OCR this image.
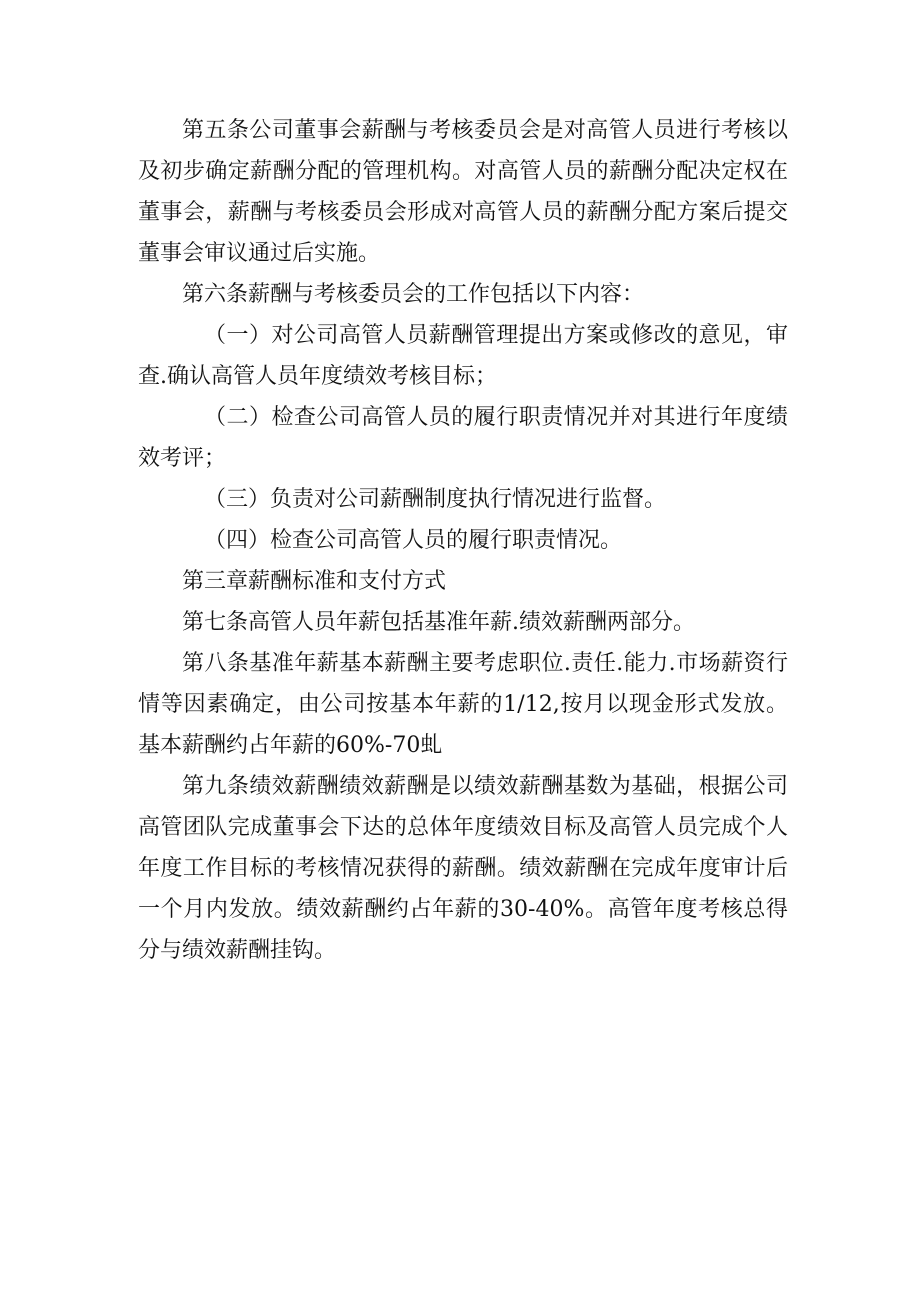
第五条公司董事会薪酬与考核委员会是对高管人员进行考核以及初步确定薪酬分配的管理机构。对高管人员的薪酬分配决定权在董事会，薪酬与考核委员会形成对高管人员的薪酬分配方案后提交董事会审议通过后实施。

第六条薪酬与考核委员会的工作包括以下内容：

（一）对公司高管人员薪酬管理提出方案或修改的意见，审查.确认高管人员年度绩效考核目标；

（二）检查公司高管人员的履行职责情况并对其进行年度绩效考评；

（三）负责对公司薪酬制度执行情况进行监督。

（四）检查公司高管人员的履行职责情况。

第三章薪酬标准和支付方式

第七条高管人员年薪包括基准年薪.绩效薪酬两部分。

第八条基准年薪基本薪酬主要考虑职位.责任.能力.市场薪资行情等因素确定，由公司按基本年薪的1/12,按月以现金形式发放。基本薪酬约占年薪的60%-70虬

第九条绩效薪酬绩效薪酬是以绩效薪酬基数为基础，根据公司高管团队完成董事会下达的总体年度绩效目标及高管人员完成个人年度工作目标的考核情况获得的薪酬。绩效薪酬在完成年度审计后一个月内发放。绩效薪酬约占年薪的30-40%。高管年度考核总得分与绩效薪酬挂钩。
